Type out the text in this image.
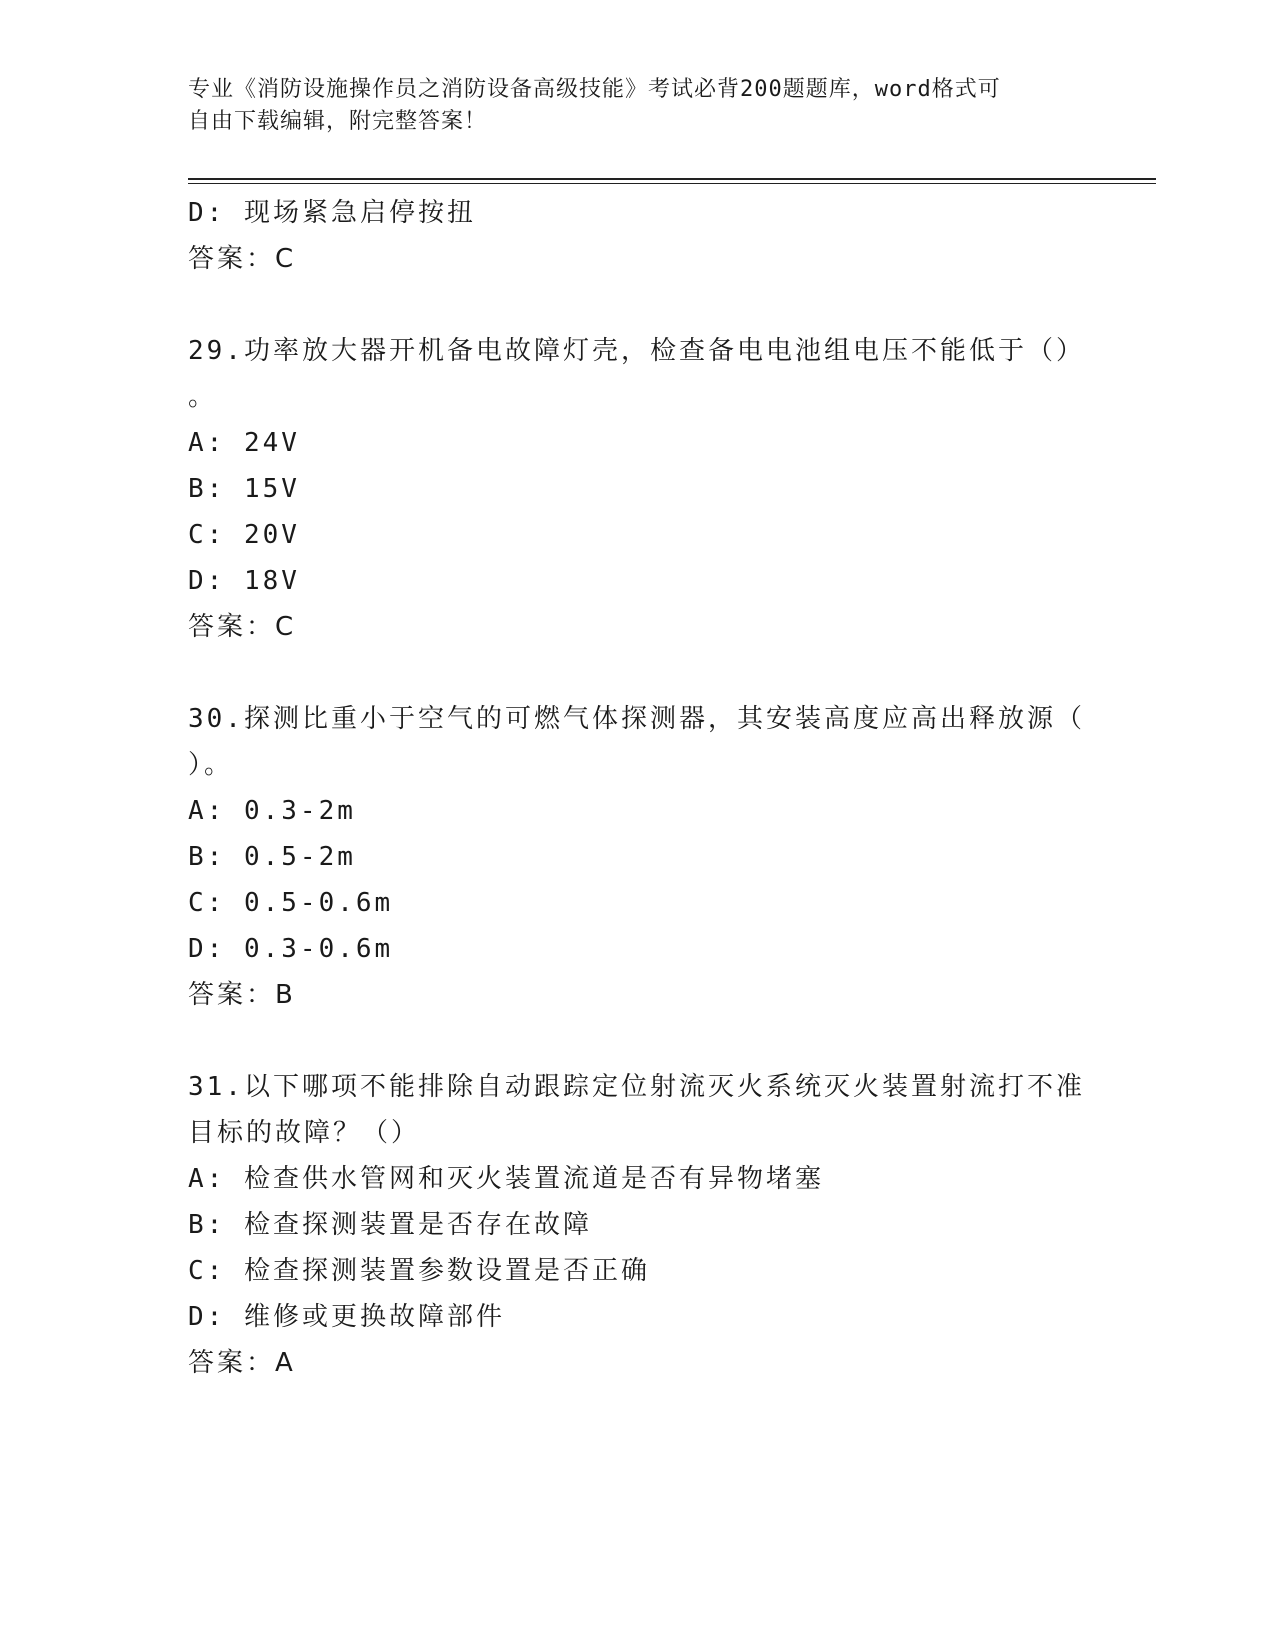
专业《消防设施操作员之消防设备高级技能》考试必背200题题库，word格式可
自由下载编辑，附完整答案！
D: 现场紧急启停按扭
答案：C
29.功率放大器开机备电故障灯壳，检查备电电池组电压不能低于（）
。
A: 24V
B: 15V
C: 20V
D: 18V
答案：C
30.探测比重小于空气的可燃气体探测器，其安装高度应高出释放源（
）。
A: 0.3-2m
B: 0.5-2m
C: 0.5-0.6m
D: 0.3-0.6m
答案：B
31.以下哪项不能排除自动跟踪定位射流灭火系统灭火装置射流打不准
目标的故障？（）
A: 检查供水管网和灭火装置流道是否有异物堵塞
B: 检查探测装置是否存在故障
C: 检查探测装置参数设置是否正确
D: 维修或更换故障部件
答案：A
